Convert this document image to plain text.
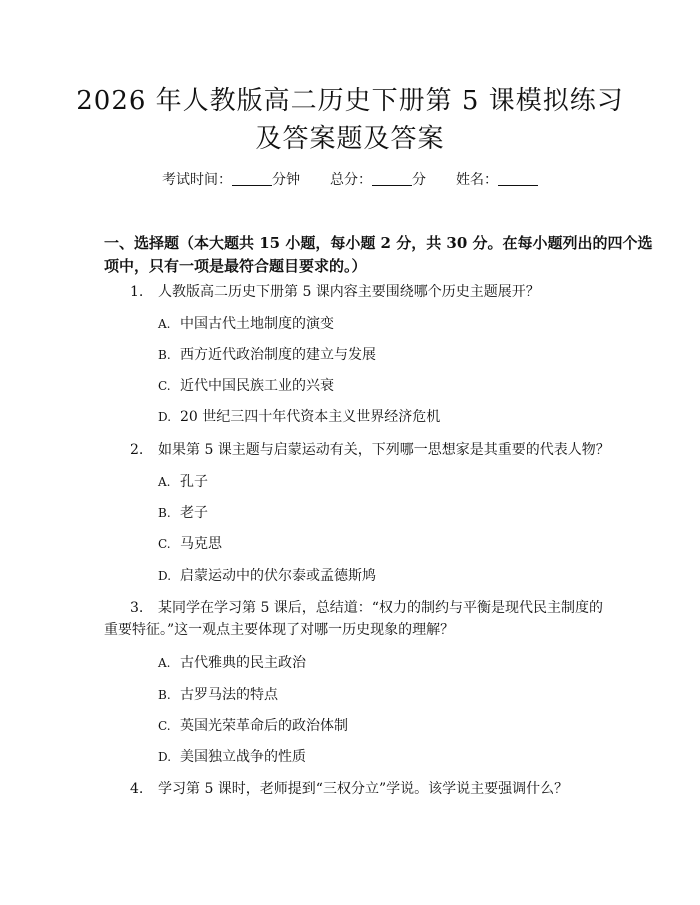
2026 年人教版高二历史下册第 5 课模拟练习
及答案题及答案
考试时间：	分钟 总分：	分 姓名：
一、选择题（本大题共 15 小题，每小题 2 分，共 30 分。在每小题列出的四个选
项中，只有一项是最符合题目要求的。）
1. 人教版高二历史下册第 5 课内容主要围绕哪个历史主题展开？
A. 中国古代土地制度的演变
B. 西方近代政治制度的建立与发展
C. 近代中国民族工业的兴衰
D. 20 世纪三四十年代资本主义世界经济危机
2. 如果第 5 课主题与启蒙运动有关，下列哪一思想家是其重要的代表人物？
A. 孔子
B. 老子
C. 马克思
D. 启蒙运动中的伏尔泰或孟德斯鸠
3. 某同学在学习第 5 课后，总结道：“权力的制约与平衡是现代民主制度的
重要特征。”这一观点主要体现了对哪一历史现象的理解？
A. 古代雅典的民主政治
B. 古罗马法的特点
C. 英国光荣革命后的政治体制
D. 美国独立战争的性质
4. 学习第 5 课时，老师提到“三权分立”学说。该学说主要强调什么？
